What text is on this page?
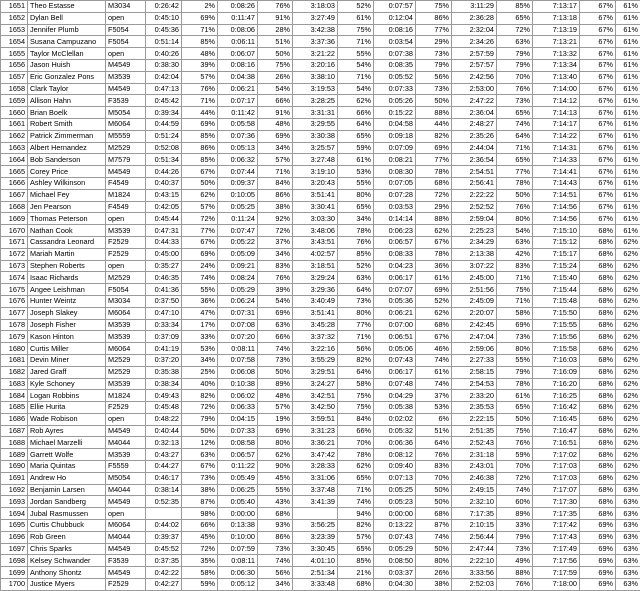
1651	Theo Estasse	M3034	0:26:42	2%	0:08:26	76%	3:18:03	52%	0:07:57	75%	3:11:29	85%	7:13:17	67%	61%
1652	Dylan Bell	open	0:45:10	69%	0:11:47	91%	3:27:49	61%	0:12:04	86%	2:36:28	65%	7:13:18	67%	61%
1653	Jennifer Plumb	F5054	0:45:36	71%	0:08:06	28%	3:42:38	75%	0:08:16	77%	2:32:04	72%	7:13:19	67%	61%
1654	Susana Campuzano	F5054	0:51:14	85%	0:06:11	51%	3:37:36	71%	0:03:54	29%	2:34:26	63%	7:13:21	67%	61%
1655	Taylor McClellan	open	0:40:26	48%	0:06:07	50%	3:21:22	55%	0:07:38	73%	2:57:59	79%	7:13:32	67%	61%
1656	Jason Huish	M4549	0:38:30	39%	0:08:16	75%	3:20:16	54%	0:08:35	79%	2:57:57	79%	7:13:34	67%	61%
1657	Eric Gonzalez Pons	M3539	0:42:04	57%	0:04:38	26%	3:38:10	71%	0:05:52	56%	2:42:56	70%	7:13:40	67%	61%
1658	Clark Taylor	M4549	0:47:13	76%	0:06:21	54%	3:19:53	54%	0:07:33	73%	2:53:00	76%	7:14:00	67%	61%
1659	Allison Hahn	F3539	0:45:42	71%	0:07:17	66%	3:28:25	62%	0:05:26	50%	2:47:22	73%	7:14:12	67%	61%
1660	Brian Boelk	M5054	0:39:34	44%	0:11:42	91%	3:31:31	66%	0:15:22	88%	2:36:04	65%	7:14:13	67%	61%
1661	Robert Smith	M6064	0:44:59	69%	0:05:58	48%	3:29:55	64%	0:04:58	44%	2:48:27	74%	7:14:17	67%	61%
1662	Patrick Zimmerman	M5559	0:51:24	85%	0:07:36	69%	3:30:38	65%	0:09:18	82%	2:35:26	64%	7:14:22	67%	61%
1663	Albert Hernandez	M2529	0:52:08	86%	0:05:13	34%	3:25:57	59%	0:07:09	69%	2:44:04	71%	7:14:31	67%	61%
1664	Bob Sanderson	M7579	0:51:34	85%	0:06:32	57%	3:27:48	61%	0:08:21	77%	2:36:54	65%	7:14:33	67%	61%
1665	Corey Price	M4549	0:44:26	67%	0:07:44	71%	3:19:10	53%	0:08:30	78%	2:54:51	77%	7:14:41	67%	61%
1666	Ashley Wilkinson	F4549	0:40:37	50%	0:09:37	84%	3:20:43	55%	0:07:05	68%	2:56:41	78%	7:14:43	67%	61%
1667	Michael Fey	M1824	0:43:15	62%	0:10:05	86%	3:51:41	80%	0:07:28	72%	2:22:22	50%	7:14:51	67%	61%
1668	Jen Pearson	F4549	0:42:05	57%	0:05:25	38%	3:30:41	65%	0:03:53	29%	2:52:52	76%	7:14:56	67%	61%
1669	Thomas Peterson	open	0:45:44	72%	0:11:24	92%	3:03:30	34%	0:14:14	88%	2:59:04	80%	7:14:56	67%	61%
1670	Nathan Cook	M3539	0:47:31	77%	0:07:47	72%	3:48:06	78%	0:06:23	62%	2:25:23	54%	7:15:10	68%	61%
1671	Cassandra Leonard	F2529	0:44:33	67%	0:05:22	37%	3:43:51	76%	0:06:57	67%	2:34:29	63%	7:15:12	68%	62%
1672	Mariah Martin	F2529	0:45:00	69%	0:05:09	34%	4:02:57	85%	0:08:33	78%	2:13:38	42%	7:15:17	68%	62%
1673	Stephen Roberts	open	0:35:27	24%	0:09:21	83%	3:18:51	52%	0:04:23	36%	3:07:22	83%	7:15:24	68%	62%
1674	Isaac Richards	M2529	0:46:35	74%	0:08:24	76%	3:29:24	63%	0:06:17	61%	2:45:00	71%	7:15:40	68%	62%
1675	Angee Leishman	F5054	0:41:36	55%	0:05:29	39%	3:29:36	64%	0:07:07	69%	2:51:56	75%	7:15:44	68%	62%
1676	Hunter Weintz	M3034	0:37:50	36%	0:06:24	54%	3:40:49	73%	0:05:36	52%	2:45:09	71%	7:15:48	68%	62%
1677	Joseph Slakey	M6064	0:47:10	47%	0:07:31	69%	3:51:41	80%	0:06:21	62%	2:20:07	58%	7:15:50	68%	62%
1678	Joseph Fisher	M3539	0:33:34	17%	0:07:08	63%	3:45:28	77%	0:07:00	68%	2:42:45	69%	7:15:55	68%	62%
1679	Kason Hinton	M3539	0:37:09	33%	0:07:20	66%	3:37:32	71%	0:06:51	67%	2:47:04	73%	7:15:56	68%	62%
1680	Curtis Miller	M6064	0:41:19	53%	0:08:11	74%	3:22:16	56%	0:05:06	46%	2:59:06	80%	7:15:58	68%	62%
1681	Devin Miner	M2529	0:37:20	34%	0:07:58	73%	3:55:29	82%	0:07:43	74%	2:27:33	55%	7:16:03	68%	62%
1682	Jared Graff	M2529	0:35:38	25%	0:06:08	50%	3:29:51	64%	0:06:17	61%	2:58:15	79%	7:16:09	68%	62%
1683	Kyle Schoney	M3539	0:38:34	40%	0:10:38	89%	3:24:27	58%	0:07:48	74%	2:54:53	78%	7:16:20	68%	62%
1684	Logan Robbins	M1824	0:49:43	82%	0:06:02	48%	3:42:51	75%	0:04:29	37%	2:33:20	61%	7:16:25	68%	62%
1685	Ellie Hurita	F2529	0:45:48	72%	0:06:33	57%	3:42:50	75%	0:05:38	53%	2:35:53	65%	7:16:42	68%	62%
1686	Wade Robison	open	0:48:22	79%	0:04:15	19%	3:59:51	84%	0:02:02	6%	2:22:15	50%	7:16:45	68%	62%
1687	Rob Ayres	M4549	0:40:44	50%	0:07:33	69%	3:31:23	66%	0:05:32	51%	2:51:35	75%	7:16:47	68%	62%
1688	Michael Marzelli	M4044	0:32:13	12%	0:08:58	80%	3:36:21	70%	0:06:36	64%	2:52:43	76%	7:16:51	68%	62%
1689	Garrett Wolfe	M3539	0:43:27	63%	0:06:57	62%	3:47:42	78%	0:08:12	76%	2:31:18	59%	7:17:02	68%	62%
1690	Maria Quintas	F5559	0:44:27	67%	0:11:22	90%	3:28:33	62%	0:09:40	83%	2:43:01	70%	7:17:03	68%	62%
1691	Andrew Ho	M5054	0:46:17	73%	0:05:49	45%	3:31:06	65%	0:07:13	70%	2:46:38	72%	7:17:03	68%	62%
1692	Benjamin Larsen	M4044	0:38:14	38%	0:06:25	55%	3:37:48	71%	0:05:25	50%	2:49:15	74%	7:17:07	68%	63%
1693	Jordan Sandberg	M4549	0:52:35	87%	0:05:40	43%	3:41:39	74%	0:05:23	50%	2:32:10	60%	7:17:30	68%	63%
1694	Jubal Rasmussen	open		98%	0:00:00	68%		94%	0:00:00	68%	7:17:35	89%	7:17:35	68%	63%
1695	Curtis Chubbuck	M6064	0:44:02	66%	0:13:38	93%	3:56:25	82%	0:13:22	87%	2:10:15	33%	7:17:42	69%	63%
1696	Rob Green	M4044	0:39:37	45%	0:10:00	86%	3:23:39	57%	0:07:43	74%	2:56:44	79%	7:17:43	69%	63%
1697	Chris Sparks	M4549	0:45:52	72%	0:07:59	73%	3:30:45	65%	0:05:29	50%	2:47:44	73%	7:17:49	69%	63%
1698	Kelsey Schwander	F3539	0:37:35	35%	0:08:11	74%	4:01:10	85%	0:08:50	80%	2:22:10	49%	7:17:56	69%	63%
1699	Anthony Shontz	M4549	0:42:22	58%	0:06:30	56%	2:51:34	21%	0:03:37	26%	3:33:56	88%	7:17:59	69%	63%
1700	Justice Myers	F2529	0:42:27	59%	0:05:12	34%	3:33:48	68%	0:04:30	38%	2:52:03	76%	7:18:00	69%	63%
